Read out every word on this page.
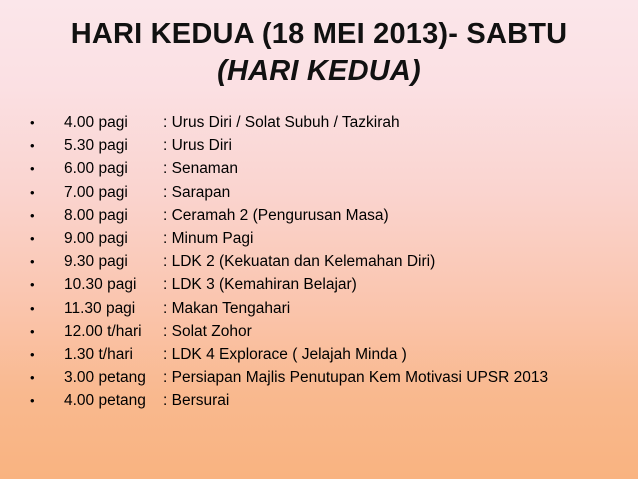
HARI KEDUA (18 MEI 2013)- SABTU
(HARI KEDUA)
• 4.00 pagi : Urus Diri / Solat Subuh / Tazkirah
• 5.30 pagi : Urus Diri
• 6.00 pagi : Senaman
• 7.00 pagi : Sarapan
• 8.00 pagi : Ceramah 2 (Pengurusan Masa)
• 9.00 pagi : Minum Pagi
• 9.30 pagi : LDK 2 (Kekuatan dan Kelemahan Diri)
• 10.30 pagi : LDK 3 (Kemahiran Belajar)
• 11.30 pagi : Makan Tengahari
• 12.00 t/hari : Solat Zohor
• 1.30 t/hari : LDK 4 Explorace ( Jelajah Minda )
• 3.00 petang : Persiapan Majlis Penutupan Kem Motivasi UPSR 2013
• 4.00 petang : Bersurai
